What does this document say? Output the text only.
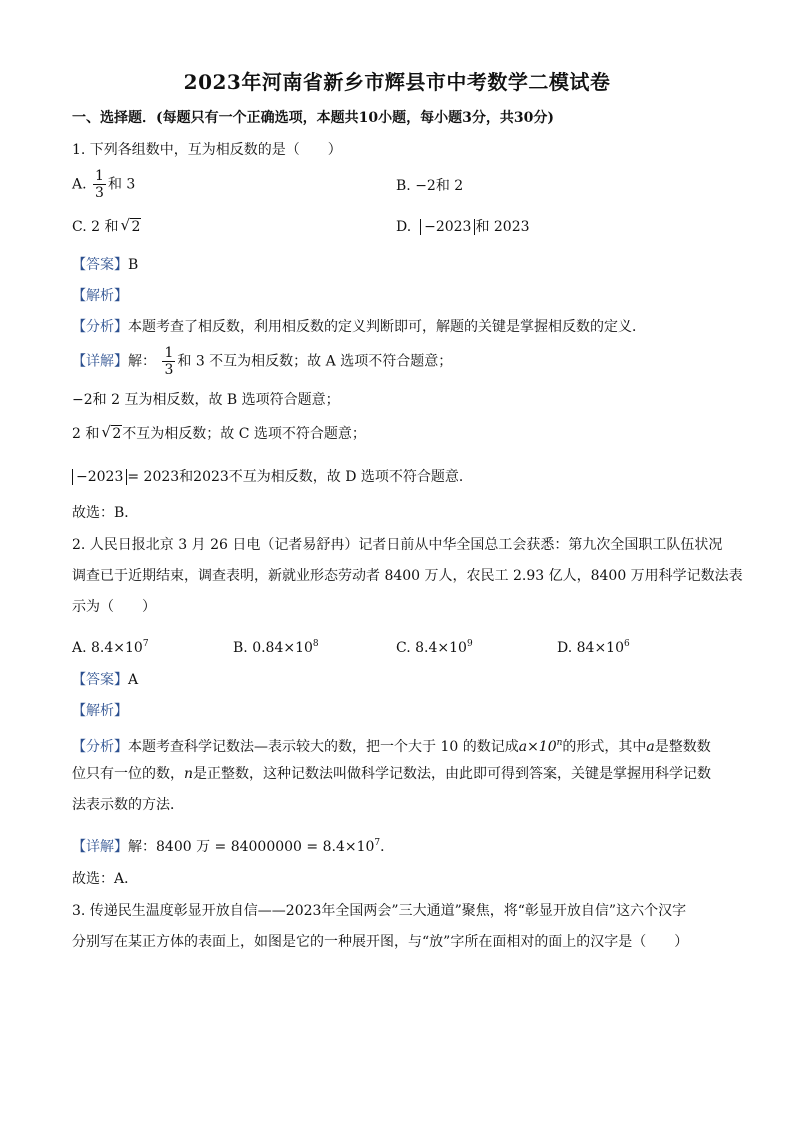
2023年河南省新乡市辉县市中考数学二模试卷
一、选择题．(每题只有一个正确选项，本题共10小题，每小题3分，共30分)
1. 下列各组数中，互为相反数的是（　　）
A. $\frac{1}{3}$ 和 3	B. −2和 2
C. 2 和 √ 2	D. −2023 和 2023
【答案】B
【解析】
【分析】本题考查了相反数，利用相反数的定义判断即可，解题的关键是掌握相反数的定义．
【详解】解： $\frac{1}{3}$ 和 3 不互为相反数；故 A 选项不符合题意；
−2和 2 互为相反数，故 B 选项符合题意；
2 和 √ 2不互为相反数；故 C 选项不符合题意；
−2023 = 2023和2023不互为相反数，故 D 选项不符合题意．
故选：B．
2. 人民日报北京 3 月 26 日电（记者易舒冉）记者日前从中华全国总工会获悉：第九次全国职工队伍状况
调查已于近期结束，调查表明，新就业形态劳动者 8400 万人，农民工 2.93 亿人，8400 万用科学记数法表
示为（　　）
A. $8.4\times 10^7$	B. $0.84\times 10^8$	C. $8.4\times 10^9$	D. $84\times 10^6$
【答案】A
【解析】
【分析】本题考查科学记数法—表示较大的数，把一个大于 10 的数记成$a\times 10^n$的形式，其中a是整数数
位只有一位的数，n是正整数，这种记数法叫做科学记数法，由此即可得到答案，关键是掌握用科学记数
法表示数的方法．
【详解】解：8400 万 = $84000000 = 8.4\times 10^7$．
故选：A．
3. 传递民生温度彰显开放自信——2023年全国两会”三大通道”聚焦，将“彰显开放自信”这六个汉字
分别写在某正方体的表面上，如图是它的一种展开图，与“放”字所在面相对的面上的汉字是（　　）
